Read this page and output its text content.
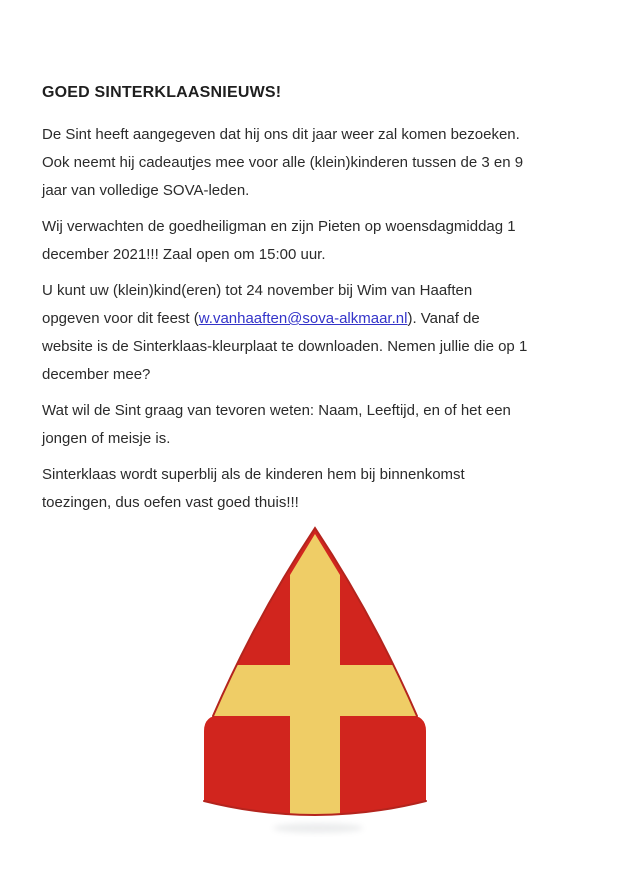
GOED SINTERKLAASNIEUWS!
De Sint heeft aangegeven dat hij ons dit jaar weer zal komen bezoeken.
Ook neemt hij cadeautjes mee voor alle (klein)kinderen tussen de 3 en 9
jaar van volledige SOVA-leden.
Wij verwachten de goedheiligman en zijn Pieten op woensdagmiddag 1
december 2021!!! Zaal open om 15:00 uur.
U kunt uw (klein)kind(eren) tot 24 november bij Wim van Haaften
opgeven voor dit feest (w.vanhaaften@sova-alkmaar.nl). Vanaf de
website is de Sinterklaas-kleurplaat te downloaden. Nemen jullie die op 1
december mee?
Wat wil de Sint graag van tevoren weten: Naam, Leeftijd, en of het een
jongen of meisje is.
Sinterklaas wordt superblij als de kinderen hem bij binnenkomst
toezingen, dus oefen vast goed thuis!!!
